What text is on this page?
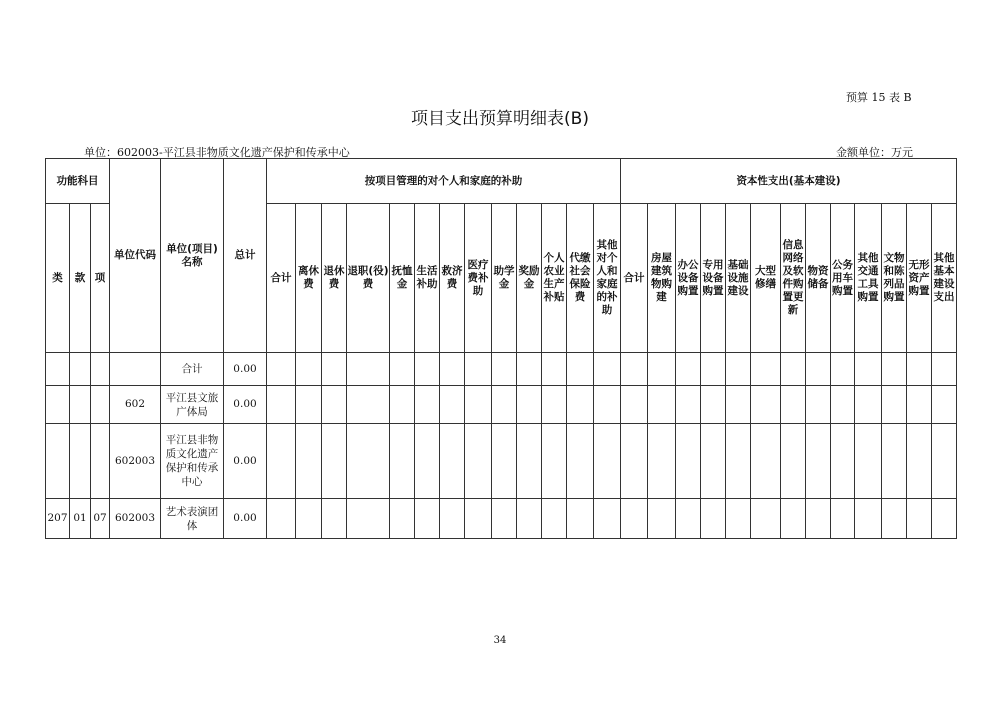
预算 15 表 B
项目支出预算明细表(B)
单位：602003-平江县非物质文化遗产保护和传承中心	金额单位：万元
功能科目			单位代码	单位(项目)名称	总计	按项目管理的对个人和家庭的补助													资本性支出(基本建设)												
类	款	项				合计	离休费	退休费	退职(役)费	抚恤金	生活补助	救济费	医疗费补助	助学金	奖励金	个人农业生产补贴	代缴社会保险费	其他对个人和家庭的补助	合计	房屋建筑物购建	办公设备购置	专用设备购置	基础设施建设	大型修缮	信息网络及软件购置更新	物资储备	公务用车购置	其他交通工具购置	文物和陈列品购置	无形资产购置	其他基本建设支出
				合计	0.00																										
			602	平江县文旅广体局	0.00																										
			602003	平江县非物质文化遗产保护和传承中心	0.00																										
207	01	07	602003	艺术表演团体	0.00																										
34
